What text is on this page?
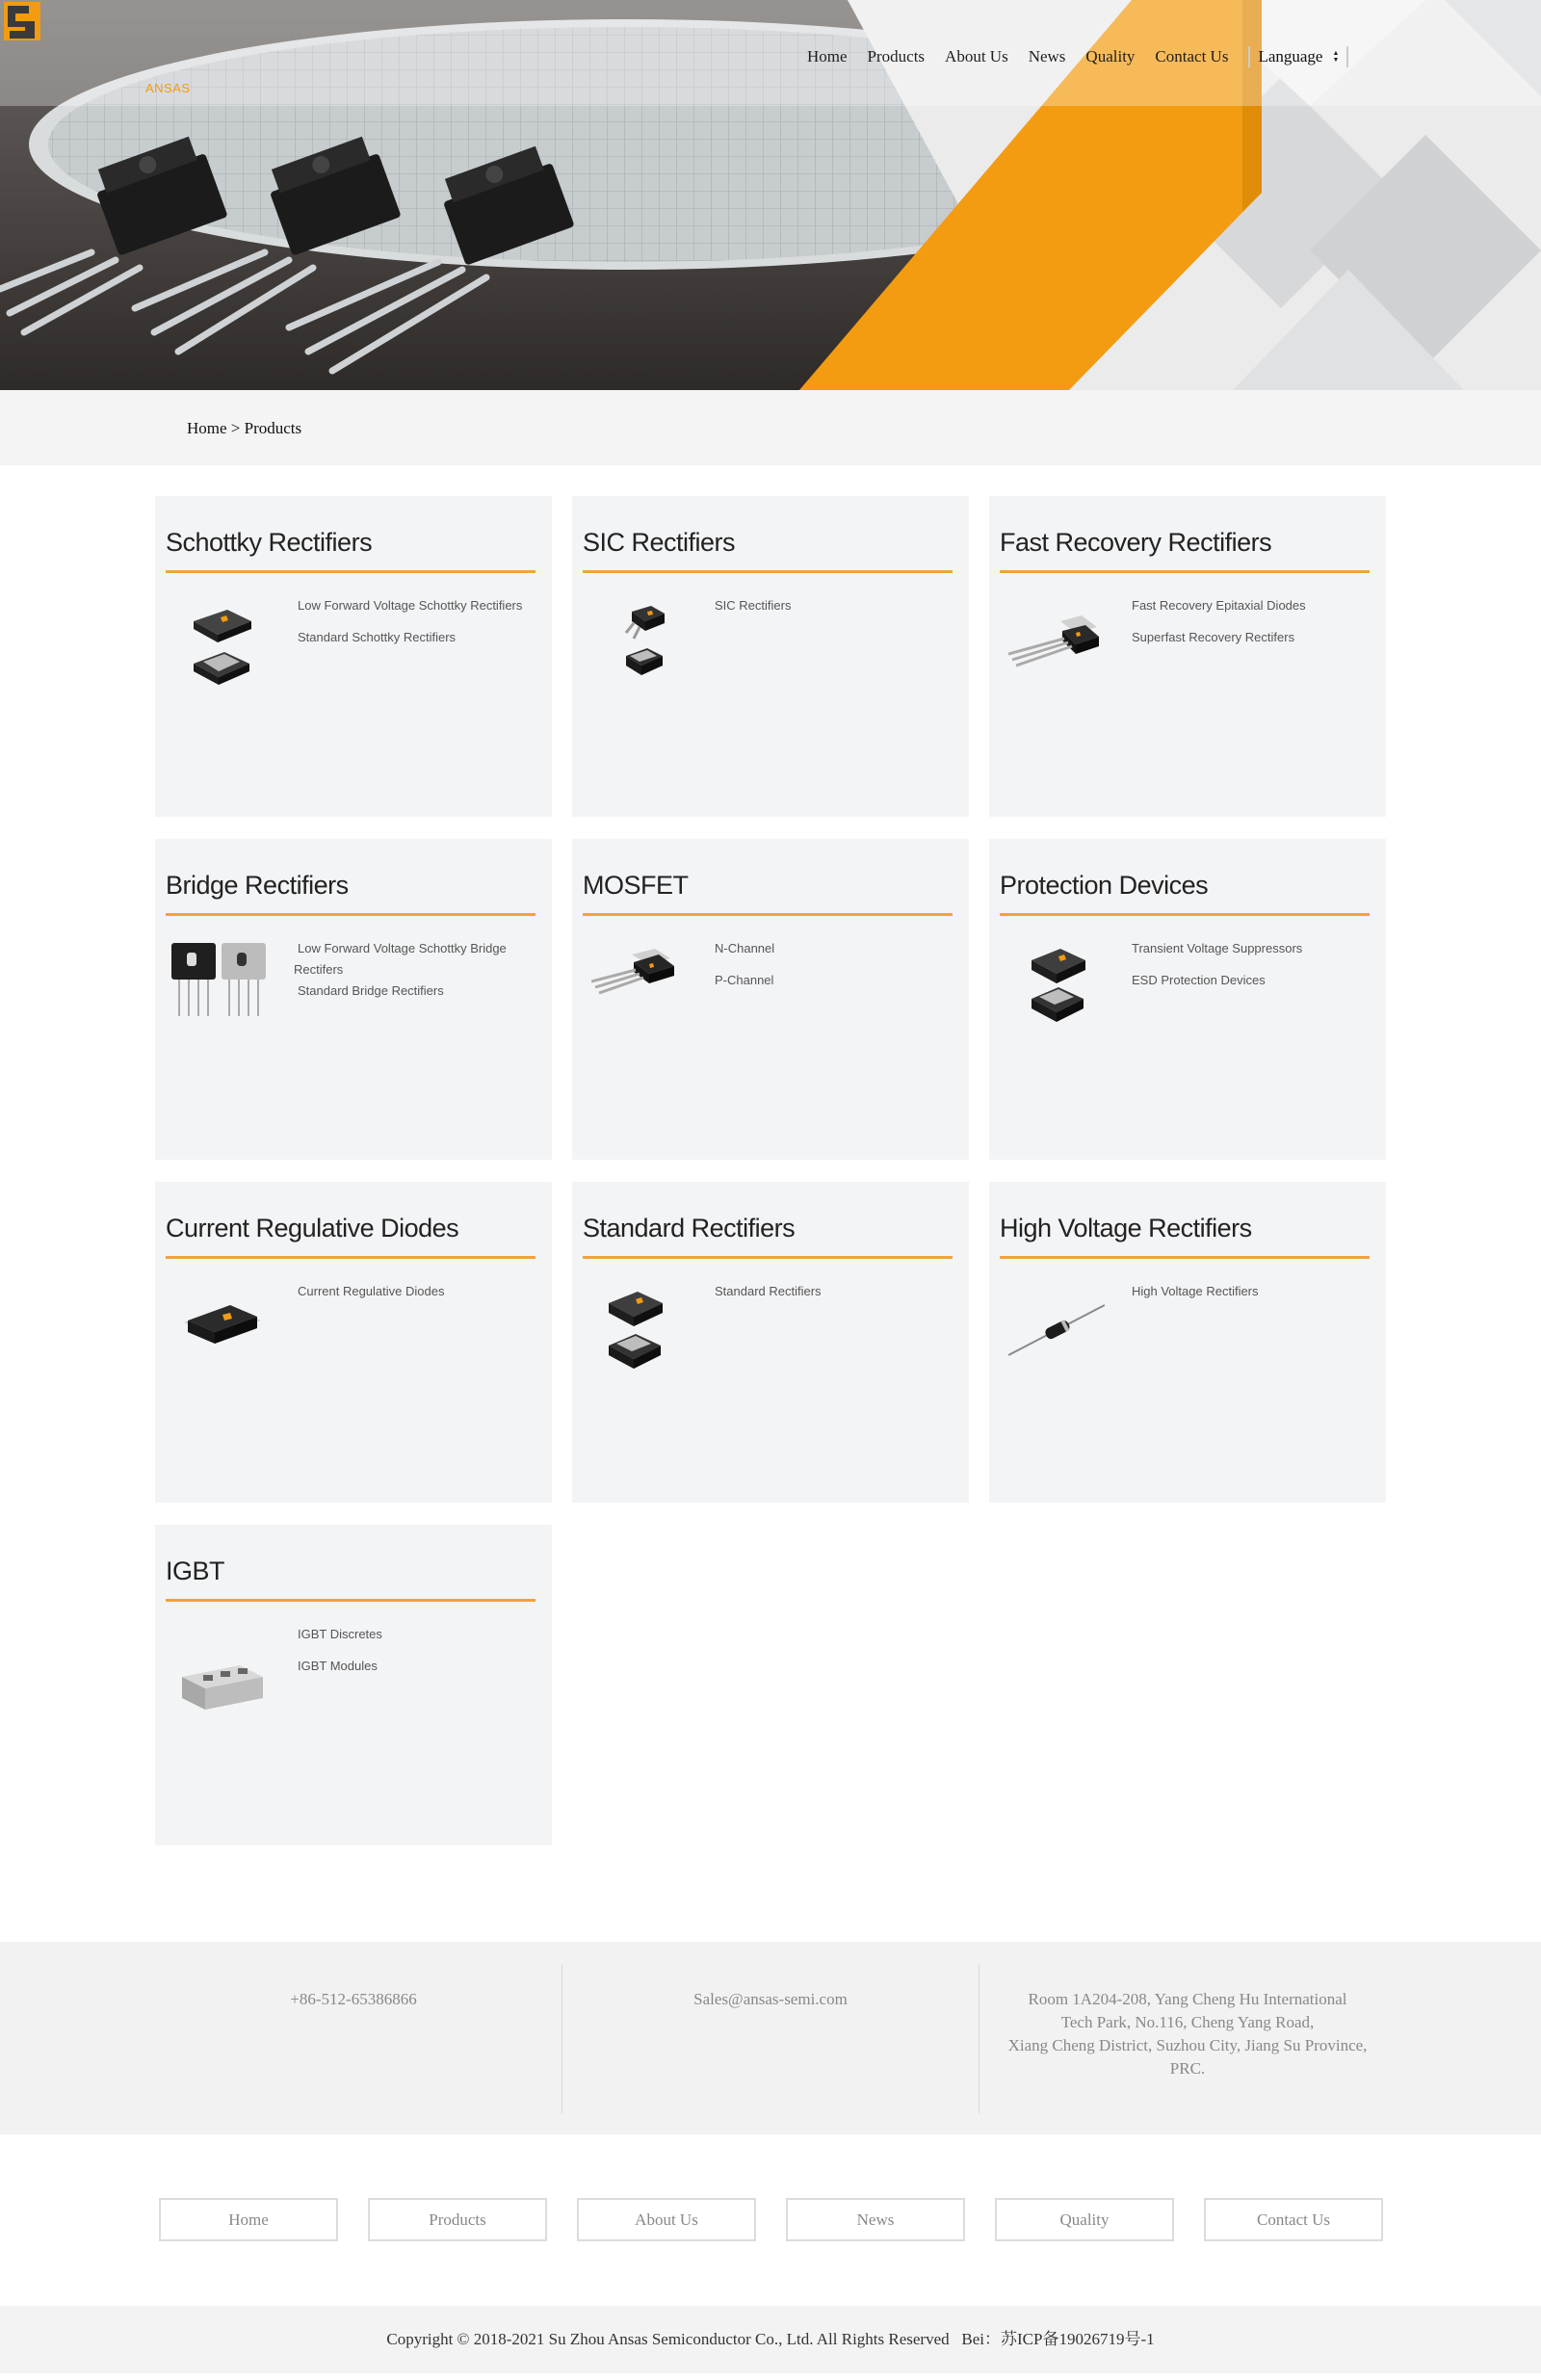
ANSAS
Home Products About Us News Quality Contact Us Language ▲
▼
Home > Products
Schottky Rectifiers
Low Forward Voltage Schottky Rectifiers
Standard Schottky Rectifiers
SIC Rectifiers
SIC Rectifiers
Fast Recovery Rectifiers
Fast Recovery Epitaxial Diodes
Superfast Recovery Rectifers
Bridge Rectifiers
Low Forward Voltage Schottky Bridge Rectifers
Standard Bridge Rectifiers
MOSFET
N-Channel
P-Channel
Protection Devices
Transient Voltage Suppressors
ESD Protection Devices
Current Regulative Diodes
Current Regulative Diodes
Standard Rectifiers
Standard Rectifiers
High Voltage Rectifiers
High Voltage Rectifiers
IGBT
IGBT Discretes
IGBT Modules
+86-512-65386866	Sales@ansas-semi.com	Room 1A204-208, Yang Cheng Hu International
Tech Park, No.116, Cheng Yang Road,
Xiang Cheng District, Suzhou City, Jiang Su Province,
PRC.
Home	Products	About Us	News	Quality	Contact Us
Copyright © 2018-2021 Su Zhou Ansas Semiconductor Co., Ltd. All Rights Reserved   Bei：苏ICP备19026719号-1
